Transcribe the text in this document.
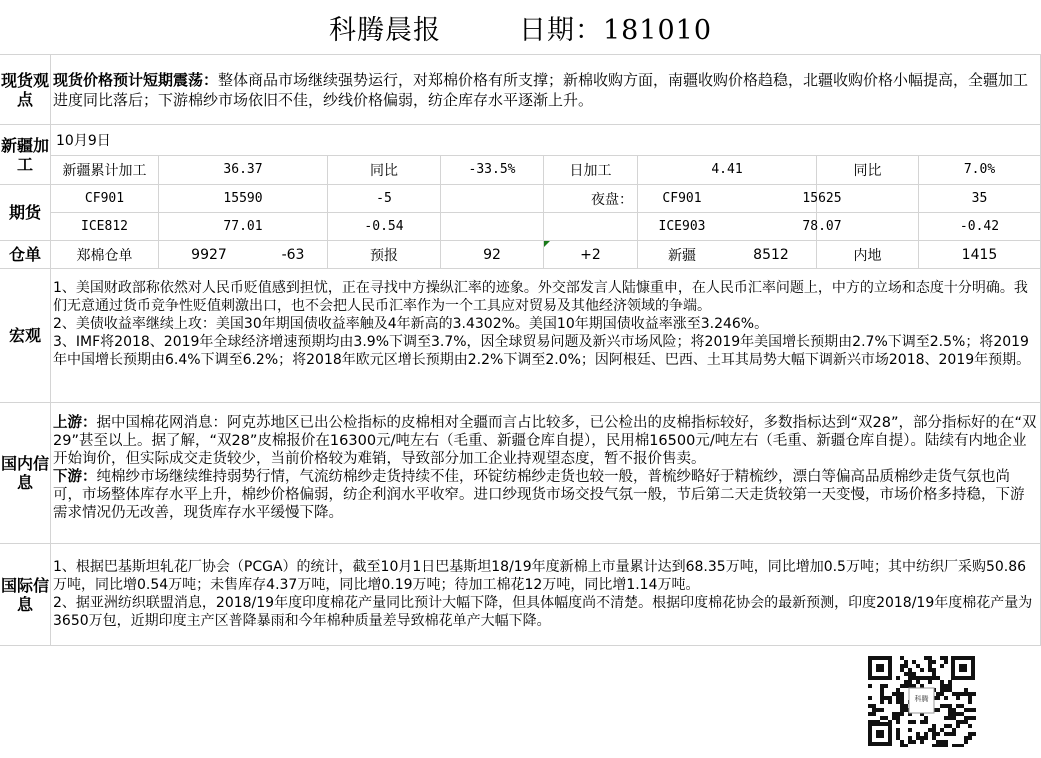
科腾晨报	日期：181010
现货观点
现货价格预计短期震荡：整体商品市场继续强势运行，对郑棉价格有所支撑；新棉收购方面，南疆收购价格趋稳，北疆收购价格小幅提高，全疆加工进度同比落后；下游棉纱市场依旧不佳，纱线价格偏弱，纺企库存水平逐渐上升。
新疆加工
10月9日
新疆累计加工	36.37	同比	-33.5%	日加工	4.41	同比	7.0%
期货
CF901	15590	-5	夜盘：	CF901	15625	35
ICE812	77.01	-0.54	ICE903	78.07	-0.42
仓单	郑棉仓单	9927	-63	预报	92	+2	新疆	8512	内地	1415
宏观
1、美国财政部称依然对人民币贬值感到担忧，正在寻找中方操纵汇率的迹象。外交部发言人陆慷重申，在人民币汇率问题上，中方的立场和态度十分明确。我们无意通过货币竞争性贬值刺激出口，也不会把人民币汇率作为一个工具应对贸易及其他经济领域的争端。
2、美债收益率继续上攻：美国30年期国债收益率触及4年新高的3.4302%。美国10年期国债收益率涨至3.246%。
3、IMF将2018、2019年全球经济增速预期均由3.9%下调至3.7%，因全球贸易问题及新兴市场风险；将2019年美国增长预期由2.7%下调至2.5%；将2019年中国增长预期由6.4%下调至6.2%；将2018年欧元区增长预期由2.2%下调至2.0%；因阿根廷、巴西、土耳其局势大幅下调新兴市场2018、2019年预期。
国内信息
上游：据中国棉花网消息：阿克苏地区已出公检指标的皮棉相对全疆而言占比较多，已公检出的皮棉指标较好，多数指标达到“双28”，部分指标好的在“双29”甚至以上。据了解，“双28”皮棉报价在16300元/吨左右（毛重、新疆仓库自提），民用棉16500元/吨左右（毛重、新疆仓库自提）。陆续有内地企业开始询价，但实际成交走货较少，当前价格较为难销，导致部分加工企业持观望态度，暂不报价售卖。
下游：纯棉纱市场继续维持弱势行情，气流纺棉纱走货持续不佳，环锭纺棉纱走货也较一般，普梳纱略好于精梳纱，漂白等偏高品质棉纱走货气氛也尚可，市场整体库存水平上升，棉纱价格偏弱，纺企利润水平收窄。进口纱现货市场交投气氛一般，节后第二天走货较第一天变慢，市场价格多持稳，下游需求情况仍无改善，现货库存水平缓慢下降。
国际信息
1、根据巴基斯坦轧花厂协会（PCGA）的统计，截至10月1日巴基斯坦18/19年度新棉上市量累计达到68.35万吨，同比增加0.5万吨；其中纺织厂采购50.86万吨，同比增0.54万吨；未售库存4.37万吨，同比增0.19万吨；待加工棉花12万吨，同比增1.14万吨。
2、据亚洲纺织联盟消息，2018/19年度印度棉花产量同比预计大幅下降，但具体幅度尚不清楚。根据印度棉花协会的最新预测，印度2018/19年度棉花产量为3650万包，近期印度主产区普降暴雨和今年棉种质量差导致棉花单产大幅下降。
科腾
